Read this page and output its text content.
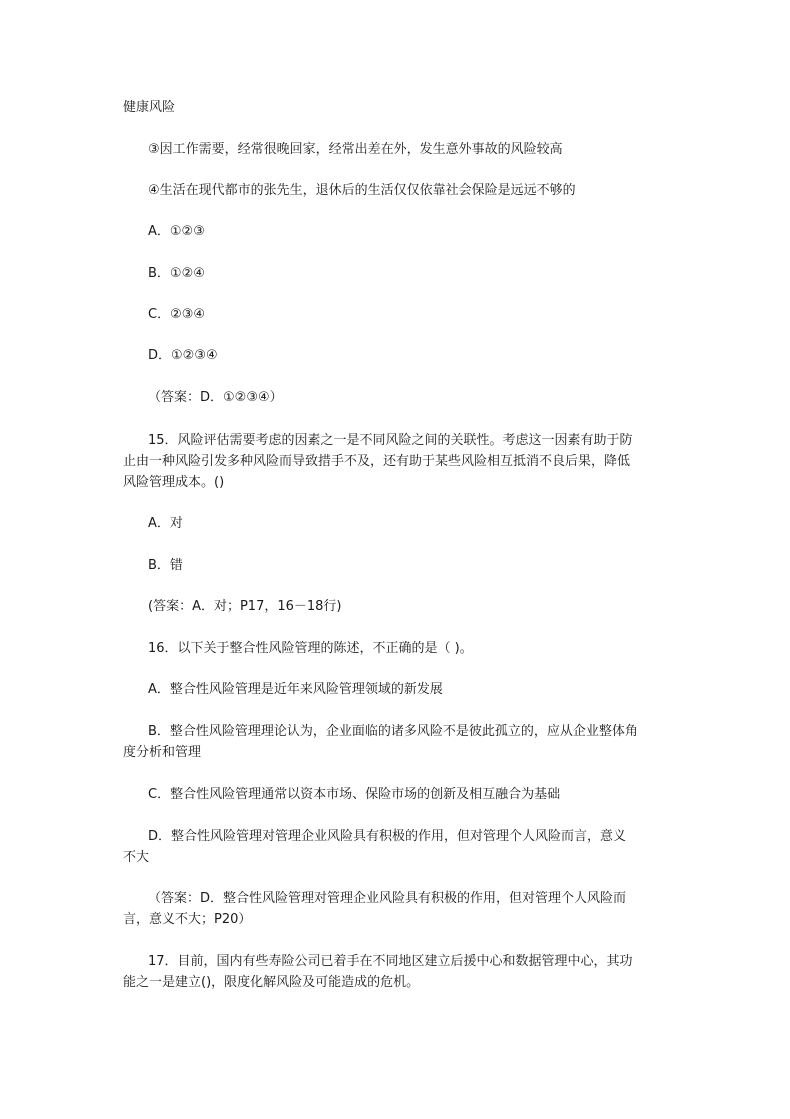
健康风险
③因工作需要，经常很晚回家，经常出差在外，发生意外事故的风险较高
④生活在现代都市的张先生，退休后的生活仅仅依靠社会保险是远远不够的
A．①②③
B．①②④
C．②③④
D．①②③④
（答案：D．①②③④）
15．风险评估需要考虑的因素之一是不同风险之间的关联性。考虑这一因素有助于防止由一种风险引发多种风险而导致措手不及，还有助于某些风险相互抵消不良后果，降低风险管理成本。()
A．对
B．错
(答案：A．对；P17，16－18行)
16．以下关于整合性风险管理的陈述，不正确的是（ )。
A．整合性风险管理是近年来风险管理领域的新发展
B．整合性风险管理理论认为，企业面临的诸多风险不是彼此孤立的，应从企业整体角度分析和管理
C．整合性风险管理通常以资本市场、保险市场的创新及相互融合为基础
D．整合性风险管理对管理企业风险具有积极的作用，但对管理个人风险而言，意义不大
（答案：D．整合性风险管理对管理企业风险具有积极的作用，但对管理个人风险而言，意义不大；P20）
17．目前，国内有些寿险公司已着手在不同地区建立后援中心和数据管理中心，其功能之一是建立()，限度化解风险及可能造成的危机。
